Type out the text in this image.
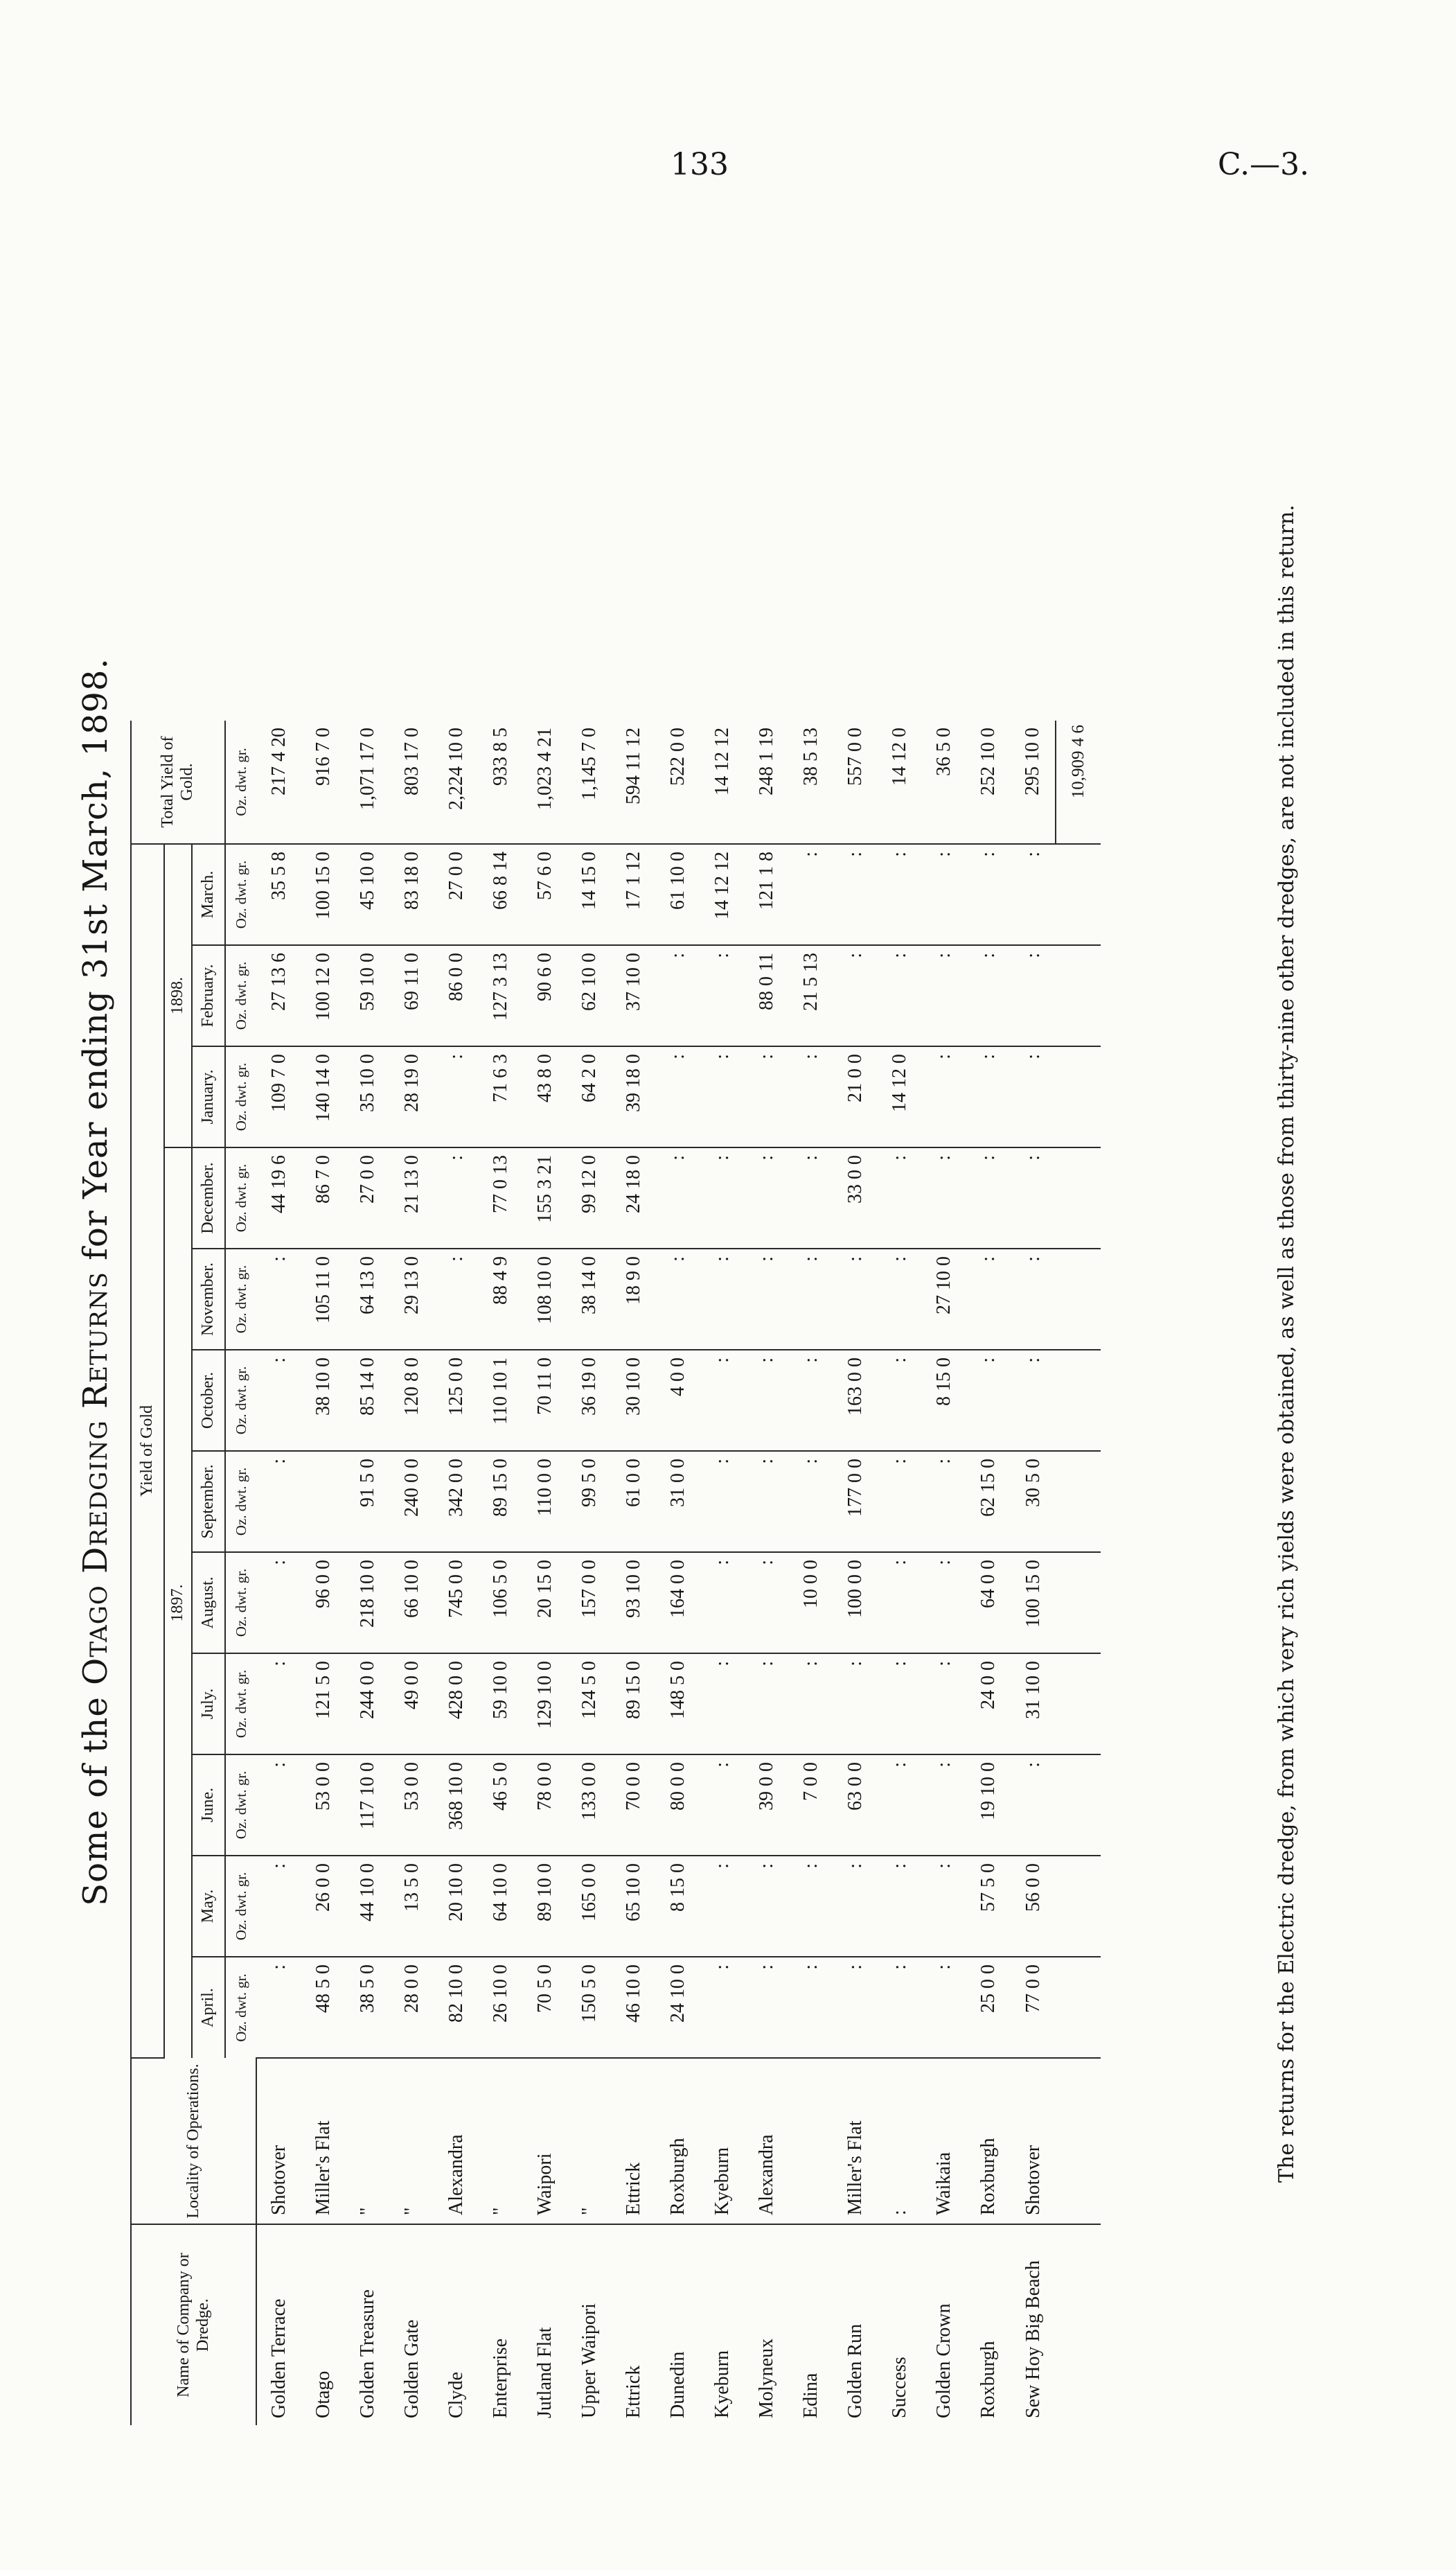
133	C.—3.
Some of the Otago Dredging Returns for Year ending 31st March, 1898.
Name of Company or Dredge.	Locality of Operations.	Yield of Gold												Total Yield of Gold.
		1897.									1898.			
		April.	May.	June.	July.	August.	September.	October.	November.	December.	January.	February.	March.	
		Oz. dwt. gr.	Oz. dwt. gr.	Oz. dwt. gr.	Oz. dwt. gr.	Oz. dwt. gr.	Oz. dwt. gr.	Oz. dwt. gr.	Oz. dwt. gr.	Oz. dwt. gr.	Oz. dwt. gr.	Oz. dwt. gr.	Oz. dwt. gr.	Oz. dwt. gr.
Golden Terrace	Shotover	:	:	:	:	:	:	:	:	44 19 6	109 7 0	27 13 6	35 5 8	217 4 20
Otago	Miller's Flat	48 5 0	26 0 0	53 0 0	121 5 0	96 0 0		38 10 0	105 11 0	86 7 0	140 14 0	100 12 0	100 15 0	916 7 0
Golden Treasure	"	38 5 0	44 10 0	117 10 0	244 0 0	218 10 0	91 5 0	85 14 0	64 13 0	27 0 0	35 10 0	59 10 0	45 10 0	1,071 17 0
Golden Gate	"	28 0 0	13 5 0	53 0 0	49 0 0	66 10 0	240 0 0	120 8 0	29 13 0	21 13 0	28 19 0	69 11 0	83 18 0	803 17 0
Clyde	Alexandra	82 10 0	20 10 0	368 10 0	428 0 0	745 0 0	342 0 0	125 0 0	:	:	:	86 0 0	27 0 0	2,224 10 0
Enterprise	"	26 10 0	64 10 0	46 5 0	59 10 0	106 5 0	89 15 0	110 10 1	88 4 9	77 0 13	71 6 3	127 3 13	66 8 14	933 8 5
Jutland Flat	Waipori	70 5 0	89 10 0	78 0 0	129 10 0	20 15 0	110 0 0	70 11 0	108 10 0	155 3 21	43 8 0	90 6 0	57 6 0	1,023 4 21
Upper Waipori	"	150 5 0	165 0 0	133 0 0	124 5 0	157 0 0	99 5 0	36 19 0	38 14 0	99 12 0	64 2 0	62 10 0	14 15 0	1,145 7 0
Ettrick	Ettrick	46 10 0	65 10 0	70 0 0	89 15 0	93 10 0	61 0 0	30 10 0	18 9 0	24 18 0	39 18 0	37 10 0	17 1 12	594 11 12
Dunedin	Roxburgh	24 10 0	8 15 0	80 0 0	148 5 0	164 0 0	31 0 0	4 0 0	:	:	:	:	61 10 0	522 0 0
Kyeburn	Kyeburn	:	:	:	:	:	:	:	:	:	:	:	14 12 12	14 12 12
Molyneux	Alexandra	:	:	39 0 0	:	:	:	:	:	:	:	88 0 11	121 1 8	248 1 19
Edina		:	:	7 0 0	:	10 0 0	:	:	:	:	:	21 5 13	:	38 5 13
Golden Run	Miller's Flat	:	:	63 0 0	:	100 0 0	177 0 0	163 0 0	:	33 0 0	21 0 0	:	:	557 0 0
Success	:	:	:	:	:	:	:	:	:	:	14 12 0	:	:	14 12 0
Golden Crown	Waikaia	:	:	:	:	:	:	8 15 0	27 10 0	:	:	:	:	36 5 0
Roxburgh	Roxburgh	25 0 0	57 5 0	19 10 0	24 0 0	64 0 0	62 15 0	:	:	:	:	:	:	252 10 0
Sew Hoy Big Beach	Shotover	77 0 0	56 0 0	:	31 10 0	100 15 0	30 5 0	:	:	:	:	:	:	295 10 0
														10,909 4 6	The returns for the Electric dredge, from which very rich yields were obtained, as well as those from thirty-nine other dredges, are not included in this return.
